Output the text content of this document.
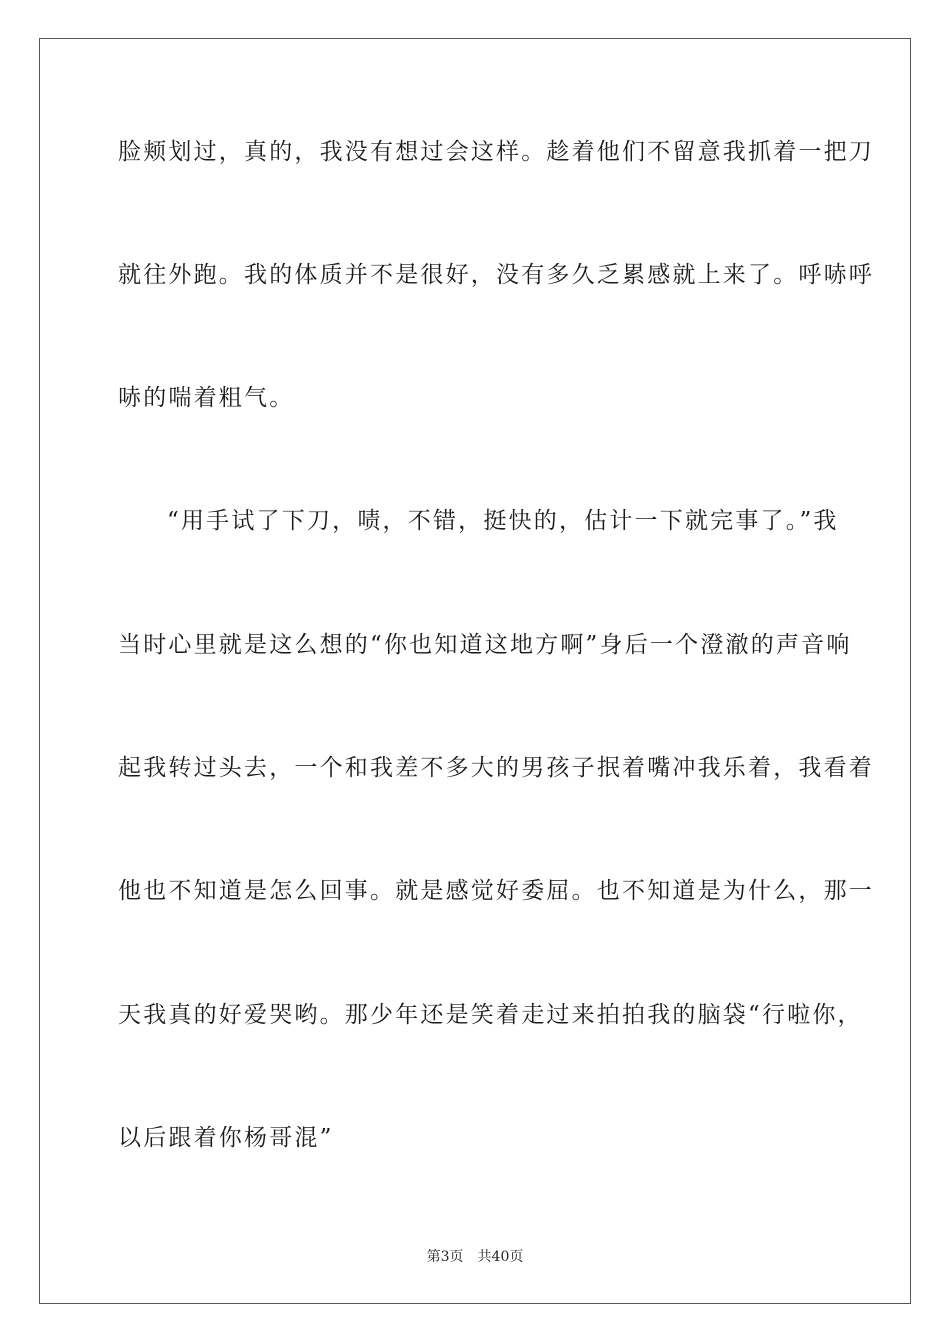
脸颊划过，真的，我没有想过会这样。趁着他们不留意我抓着一把刀
就往外跑。我的体质并不是很好，没有多久乏累感就上来了。呼哧呼
哧的喘着粗气。
“用手试了下刀，啧，不错，挺快的，估计一下就完事了。”我
当时心里就是这么想的“你也知道这地方啊”身后一个澄澈的声音响
起我转过头去，一个和我差不多大的男孩子抿着嘴冲我乐着，我看着
他也不知道是怎么回事。就是感觉好委屈。也不知道是为什么，那一
天我真的好爱哭哟。那少年还是笑着走过来拍拍我的脑袋“行啦你，
以后跟着你杨哥混”
第3页 共40页
